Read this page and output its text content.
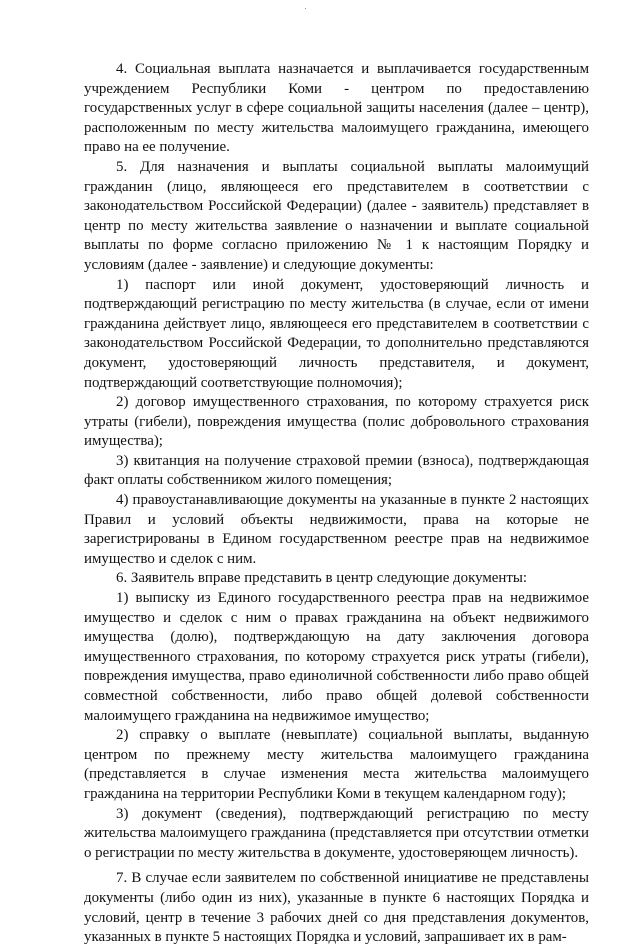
4. Социальная выплата назначается и выплачивается государственным учреждением Республики Коми - центром по предоставлению государственных услуг в сфере социальной защиты населения (далее – центр), расположенным по месту жительства малоимущего гражданина, имеющего право на ее получение.

5. Для назначения и выплаты социальной выплаты малоимущий гражданин (лицо, являющееся его представителем в соответствии с законодательством Российской Федерации) (далее - заявитель) представляет в центр по месту жительства заявление о назначении и выплате социальной выплаты по форме согласно приложению № 1 к настоящим Порядку и условиям (далее - заявление) и следующие документы:

1) паспорт или иной документ, удостоверяющий личность и подтверждающий регистрацию по месту жительства (в случае, если от имени гражданина действует лицо, являющееся его представителем в соответствии с законодательством Российской Федерации, то дополнительно представляются документ, удостоверяющий личность представителя, и документ, подтверждающий соответствующие полномочия);

2) договор имущественного страхования, по которому страхуется риск утраты (гибели), повреждения имущества (полис добровольного страхования имущества);

3) квитанция на получение страховой премии (взноса), подтверждающая факт оплаты собственником жилого помещения;

4) правоустанавливающие документы на указанные в пункте 2 настоящих Правил и условий объекты недвижимости, права на которые не зарегистрированы в Едином государственном реестре прав на недвижимое имущество и сделок с ним.

6. Заявитель вправе представить в центр следующие документы:

1) выписку из Единого государственного реестра прав на недвижимое имущество и сделок с ним о правах гражданина на объект недвижимого имущества (долю), подтверждающую на дату заключения договора имущественного страхования, по которому страхуется риск утраты (гибели), повреждения имущества, право единоличной собственности либо право общей совместной собственности, либо право общей долевой собственности малоимущего гражданина на недвижимое имущество;

2) справку о выплате (невыплате) социальной выплаты, выданную центром по прежнему месту жительства малоимущего гражданина (представляется в случае изменения места жительства малоимущего гражданина на территории Республики Коми в текущем календарном году);

3) документ (сведения), подтверждающий регистрацию по месту жительства малоимущего гражданина (представляется при отсутствии отметки о регистрации по месту жительства в документе, удостоверяющем личность).

7. В случае если заявителем по собственной инициативе не представлены документы (либо один из них), указанные в пункте 6 настоящих Порядка и условий, центр в течение 3 рабочих дней со дня представления документов, указанных в пункте 5 настоящих Порядка и условий, запрашивает их в рам-
